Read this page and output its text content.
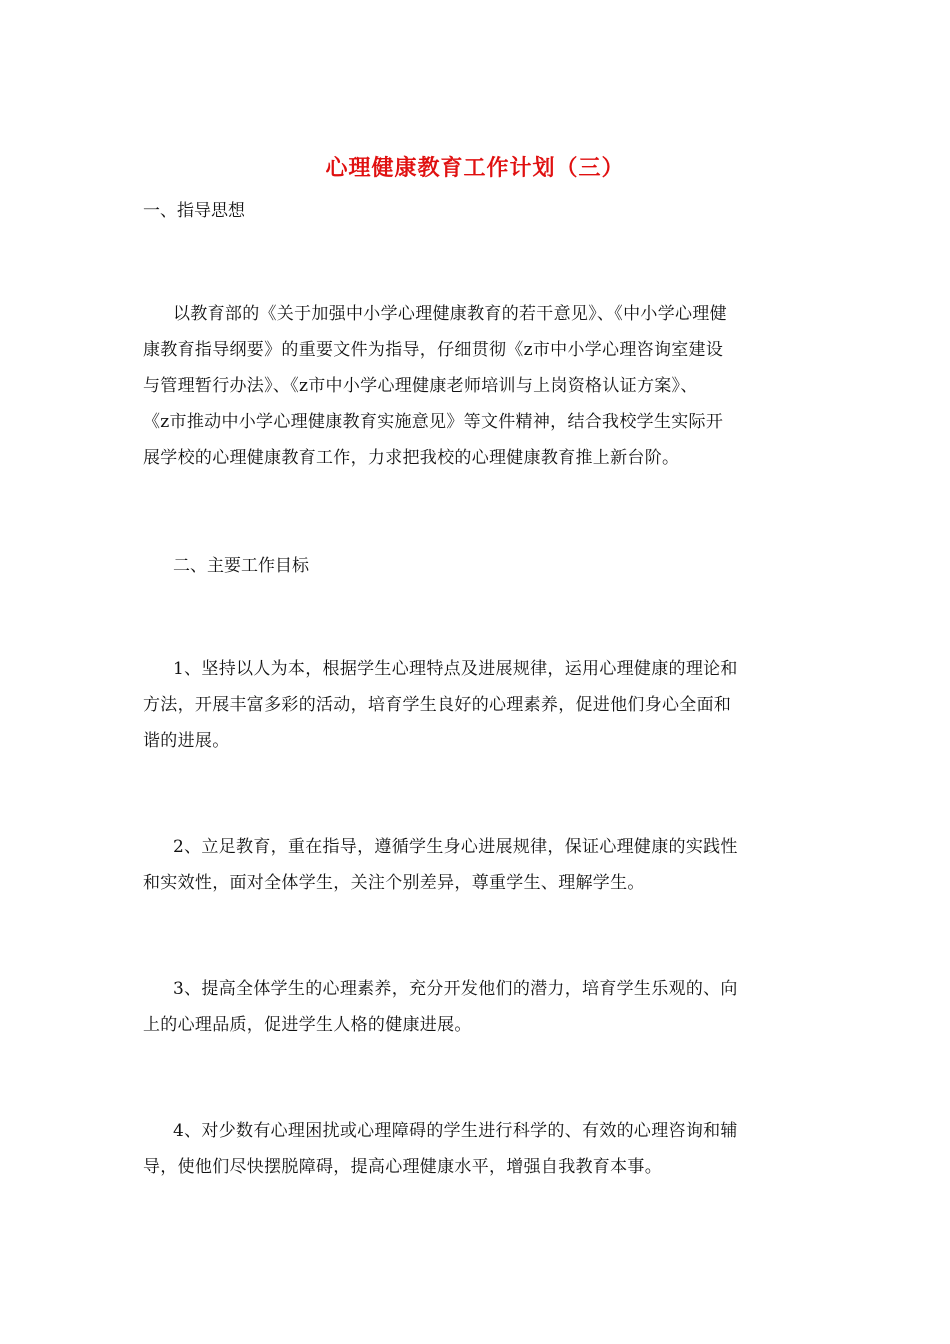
心理健康教育工作计划（三）
一、指导思想
以教育部的《关于加强中小学心理健康教育的若干意见》、《中小学心理健
康教育指导纲要》的重要文件为指导，仔细贯彻《z市中小学心理咨询室建设
与管理暂行办法》、《z市中小学心理健康老师培训与上岗资格认证方案》、
《z市推动中小学心理健康教育实施意见》等文件精神，结合我校学生实际开
展学校的心理健康教育工作，力求把我校的心理健康教育推上新台阶。
二、主要工作目标
1、坚持以人为本，根据学生心理特点及进展规律，运用心理健康的理论和
方法，开展丰富多彩的活动，培育学生良好的心理素养，促进他们身心全面和
谐的进展。
2、立足教育，重在指导，遵循学生身心进展规律，保证心理健康的实践性
和实效性，面对全体学生，关注个别差异，尊重学生、理解学生。
3、提高全体学生的心理素养，充分开发他们的潜力，培育学生乐观的、向
上的心理品质，促进学生人格的健康进展。
4、对少数有心理困扰或心理障碍的学生进行科学的、有效的心理咨询和辅
导，使他们尽快摆脱障碍，提高心理健康水平，增强自我教育本事。
